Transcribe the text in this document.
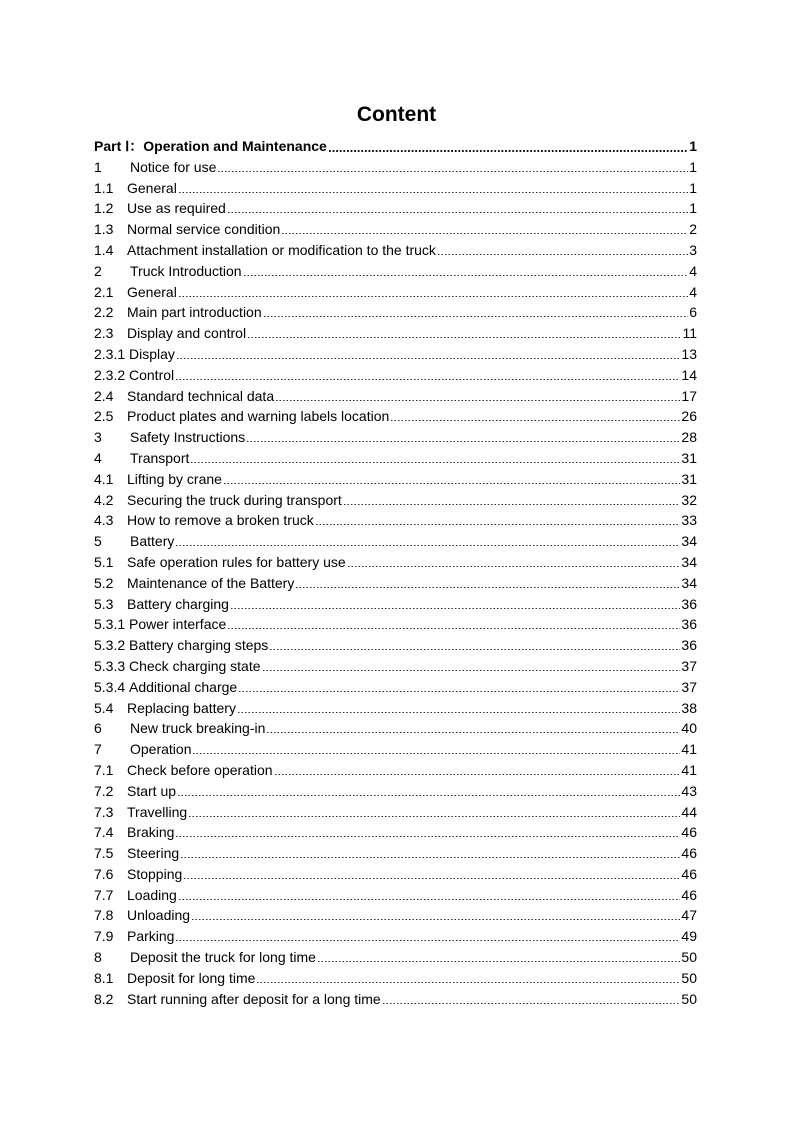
Content
Part Ⅰ：Operation and Maintenance	1
1	Notice for use	1
1.1 General	1
1.2 Use as required	1
1.3 Normal service condition	2
1.4 Attachment installation or modification to the truck	3
2	Truck Introduction	4
2.1 General	4
2.2 Main part introduction	6
2.3 Display and control	11
2.3.1 Display	13
2.3.2 Control	14
2.4 Standard technical data	17
2.5 Product plates and warning labels location	26
3	Safety Instructions	28
4	Transport	31
4.1 Lifting by crane	31
4.2 Securing the truck during transport	32
4.3 How to remove a broken truck	33
5	Battery	34
5.1 Safe operation rules for battery use	34
5.2 Maintenance of the Battery	34
5.3 Battery charging	36
5.3.1 Power interface	36
5.3.2 Battery charging steps	36
5.3.3 Check charging state	37
5.3.4 Additional charge	37
5.4 Replacing battery	38
6	New truck breaking-in	40
7	Operation	41
7.1 Check before operation	41
7.2 Start up	43
7.3 Travelling	44
7.4 Braking	46
7.5 Steering	46
7.6 Stopping	46
7.7 Loading	46
7.8 Unloading	47
7.9 Parking	49
8	Deposit the truck for long time	50
8.1 Deposit for long time	50
8.2 Start running after deposit for a long time	50
